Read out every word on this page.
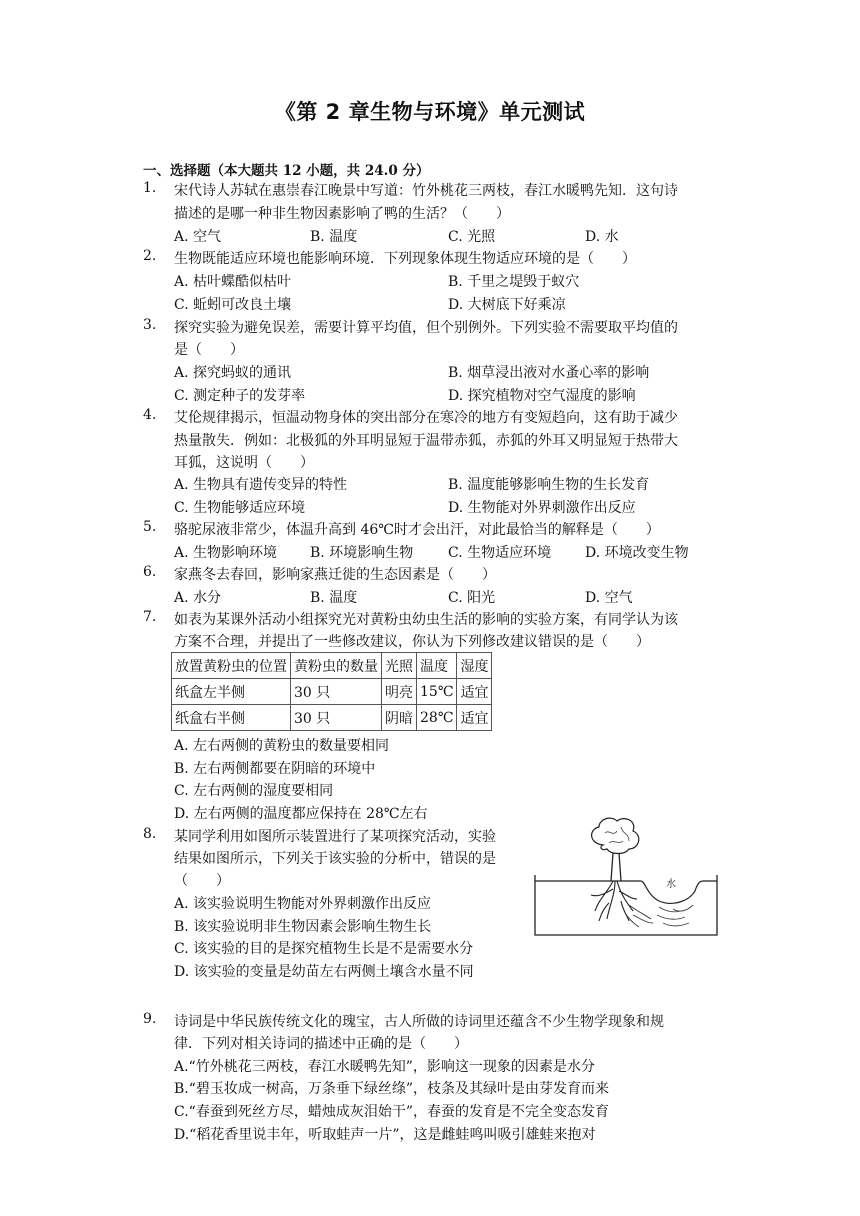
《第 2 章生物与环境》单元测试
一、选择题（本大题共 12 小题，共 24.0 分）
1. 宋代诗人苏轼在惠崇春江晚景中写道：竹外桃花三两枝，春江水暖鸭先知．这句诗
描述的是哪一种非生物因素影响了鸭的生活？（　　）
A. 空气	B. 温度	C. 光照	D. 水
2. 生物既能适应环境也能影响环境．下列现象体现生物适应环境的是（　　）
A. 枯叶蝶酷似枯叶	B. 千里之堤毁于蚁穴
C. 蚯蚓可改良土壤	D. 大树底下好乘凉
3. 探究实验为避免误差，需要计算平均值，但个别例外。下列实验不需要取平均值的
是（　　）
A. 探究蚂蚁的通讯	B. 烟草浸出液对水蚤心率的影响
C. 测定种子的发芽率	D. 探究植物对空气湿度的影响
4. 艾伦规律揭示，恒温动物身体的突出部分在寒冷的地方有变短趋向，这有助于减少
热量散失．例如：北极狐的外耳明显短于温带赤狐，赤狐的外耳又明显短于热带大
耳狐，这说明（　　）
A. 生物具有遗传变异的特性	B. 温度能够影响生物的生长发育
C. 生物能够适应环境	D. 生物能对外界刺激作出反应
5. 骆驼尿液非常少，体温升高到 46℃时才会出汗，对此最恰当的解释是（　　）
A. 生物影响环境 B. 环境影响生物 C. 生物适应环境 D. 环境改变生物
6. 家燕冬去春回，影响家燕迁徙的生态因素是（　　）
A. 水分	B. 温度	C. 阳光	D. 空气
7. 如表为某课外活动小组探究光对黄粉虫幼虫生活的影响的实验方案，有同学认为该
方案不合理，并提出了一些修改建议，你认为下列修改建议错误的是（　　）
放置黄粉虫的位置	黄粉虫的数量	光照	温度	湿度
纸盒左半侧	30 只	明亮	15℃	适宜
纸盒右半侧	30 只	阴暗	28℃	适宜
A. 左右两侧的黄粉虫的数量要相同
B. 左右两侧都要在阴暗的环境中
C. 左右两侧的湿度要相同
D. 左右两侧的温度都应保持在 28℃左右
8. 某同学利用如图所示装置进行了某项探究活动，实验
结果如图所示，下列关于该实验的分析中，错误的是
（　　）
A. 该实验说明生物能对外界刺激作出反应
B. 该实验说明非生物因素会影响生物生长
C. 该实验的目的是探究植物生长是不是需要水分
D. 该实验的变量是幼苗左右两侧土壤含水量不同
水
9. 诗词是中华民族传统文化的瑰宝，古人所做的诗词里还蕴含不少生物学现象和规
律．下列对相关诗词的描述中正确的是（　　）
A.“竹外桃花三两枝，春江水暖鸭先知”，影响这一现象的因素是水分
B.“碧玉妆成一树高，万条垂下绿丝绦”，枝条及其绿叶是由芽发育而来
C.“春蚕到死丝方尽，蜡烛成灰泪始干”，春蚕的发育是不完全变态发育
D.“稻花香里说丰年，听取蛙声一片”，这是雌蛙鸣叫吸引雄蛙来抱对
